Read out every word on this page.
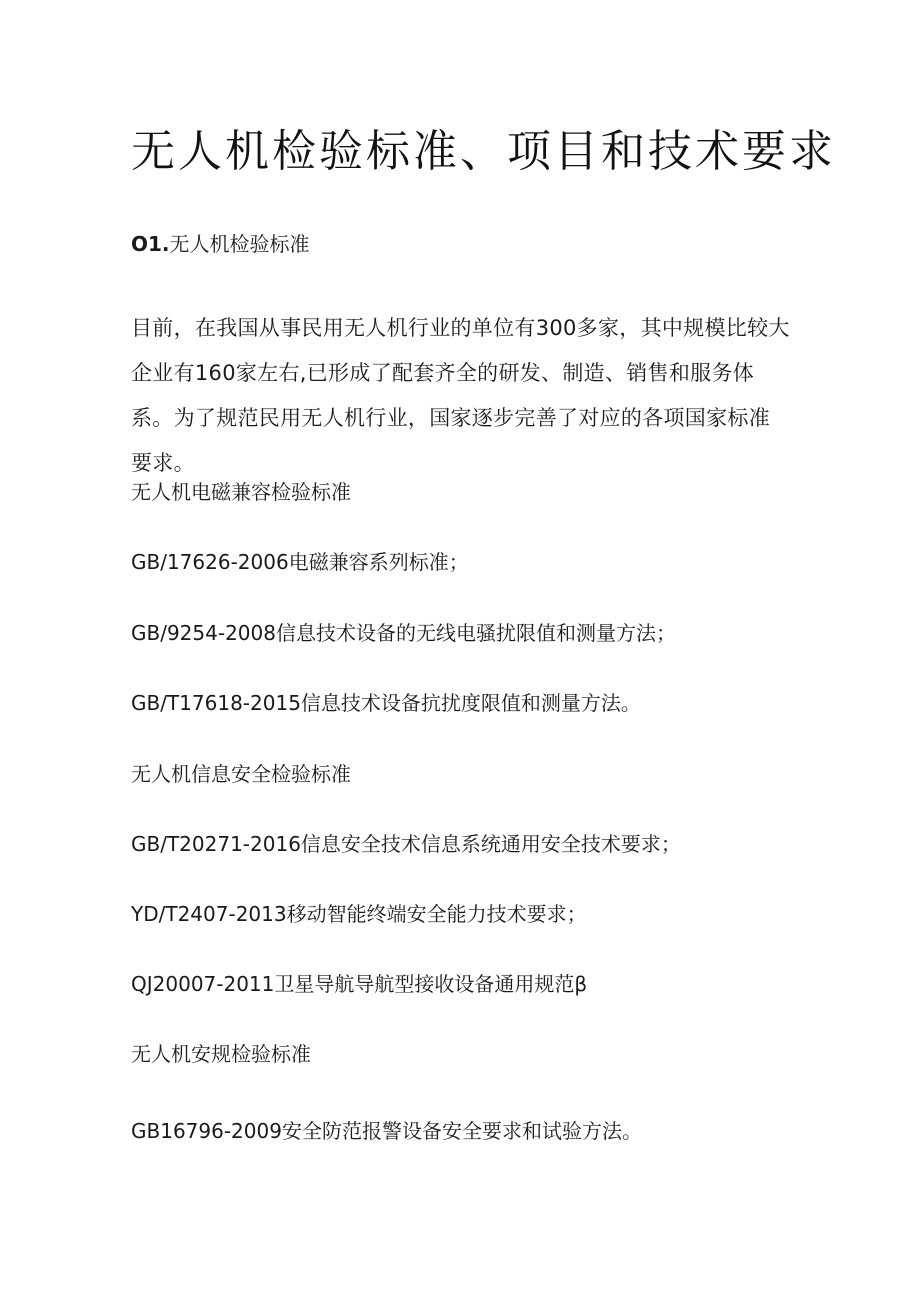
无人机检验标准、项目和技术要求
O1.无人机检验标准
目前，在我国从事民用无人机行业的单位有300多家，其中规模比较大企业有160家左右,已形成了配套齐全的研发、制造、销售和服务体系。为了规范民用无人机行业，国家逐步完善了对应的各项国家标准要求。
无人机电磁兼容检验标准
GB/17626-2006电磁兼容系列标准；
GB/9254-2008信息技术设备的无线电骚扰限值和测量方法；
GB/T17618-2015信息技术设备抗扰度限值和测量方法。
无人机信息安全检验标准
GB/T20271-2016信息安全技术信息系统通用安全技术要求；
YD/T2407-2013移动智能终端安全能力技术要求；
QJ20007-2011卫星导航导航型接收设备通用规范β
无人机安规检验标准
GB16796-2009安全防范报警设备安全要求和试验方法。
